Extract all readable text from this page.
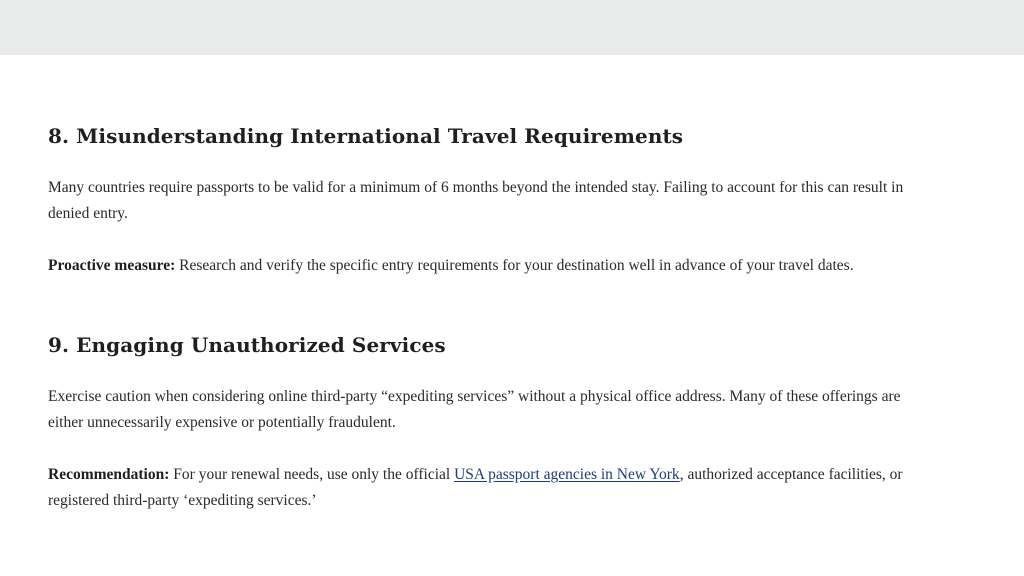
8. Misunderstanding International Travel Requirements

Many countries require passports to be valid for a minimum of 6 months beyond the intended stay. Failing to account for this can result in denied entry.

Proactive measure: Research and verify the specific entry requirements for your destination well in advance of your travel dates.

9. Engaging Unauthorized Services

Exercise caution when considering online third-party “expediting services” without a physical office address. Many of these offerings are either unnecessarily expensive or potentially fraudulent.

Recommendation: For your renewal needs, use only the official USA passport agencies in New York, authorized acceptance facilities, or registered third-party ‘expediting services.’
